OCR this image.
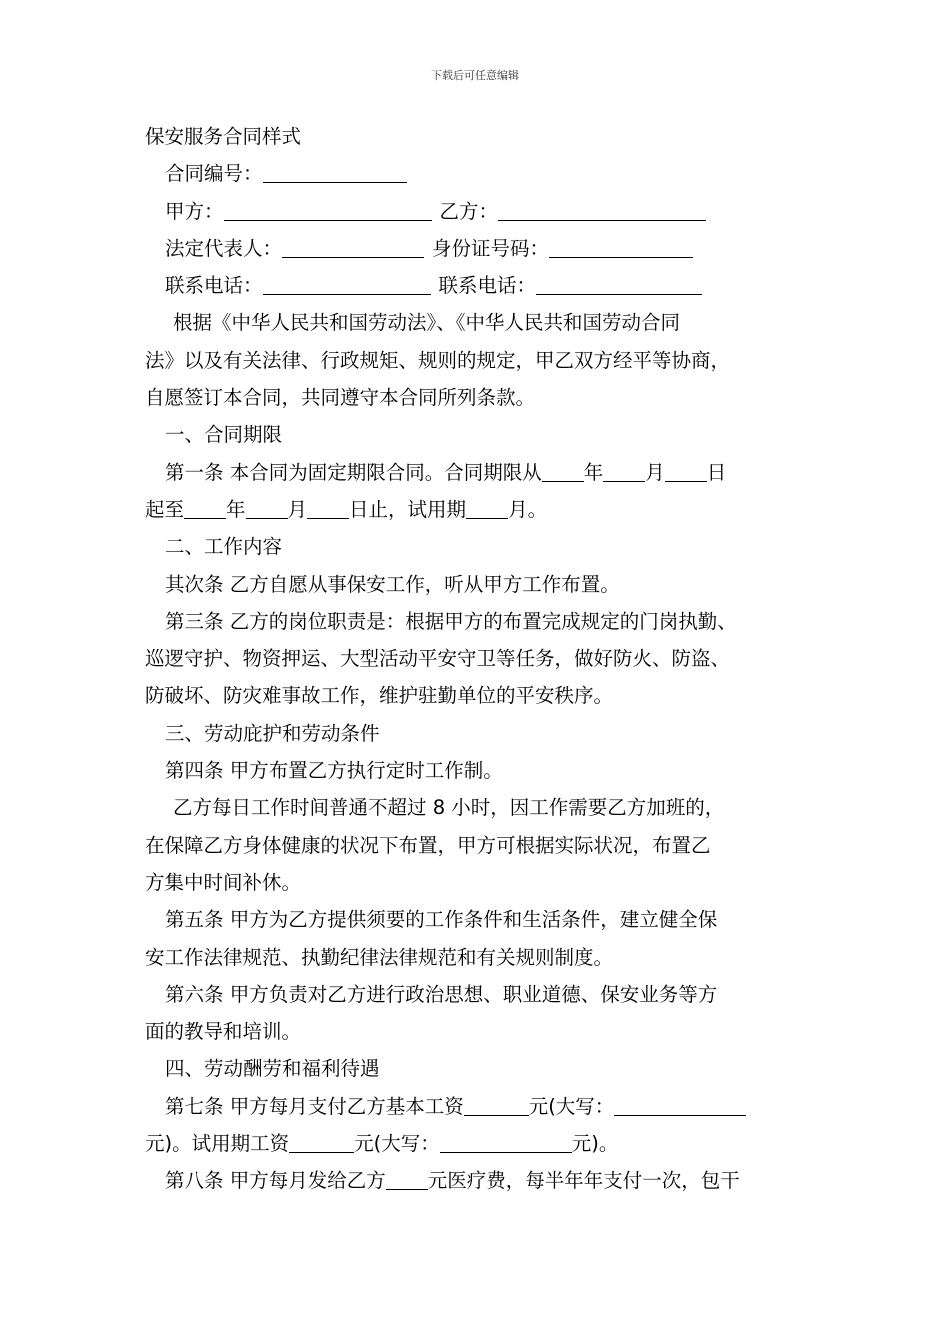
下载后可任意编辑
保安服务合同样式
合同编号：
甲方：	乙方：
法定代表人：	身份证号码：
联系电话：	联系电话：
根据《中华人民共和国劳动法》、《中华人民共和国劳动合同
法》以及有关法律、行政规矩、规则的规定，甲乙双方经平等协商，
自愿签订本合同，共同遵守本合同所列条款。
一、合同期限
第一条 本合同为固定期限合同。合同期限从 年 月 日
起至 年 月 日止，试用期 月。
二、工作内容
其次条 乙方自愿从事保安工作，听从甲方工作布置。
第三条 乙方的岗位职责是：根据甲方的布置完成规定的门岗执勤、
巡逻守护、物资押运、大型活动平安守卫等任务，做好防火、防盗、
防破坏、防灾难事故工作，维护驻勤单位的平安秩序。
三、劳动庇护和劳动条件
第四条 甲方布置乙方执行定时工作制。
乙方每日工作时间普通不超过 8 小时，因工作需要乙方加班的，
在保障乙方身体健康的状况下布置，甲方可根据实际状况，布置乙
方集中时间补休。
第五条 甲方为乙方提供须要的工作条件和生活条件，建立健全保
安工作法律规范、执勤纪律法律规范和有关规则制度。
第六条 甲方负责对乙方进行政治思想、职业道德、保安业务等方
面的教导和培训。
四、劳动酬劳和福利待遇
第七条 甲方每月支付乙方基本工资	元(大写：
元)。试用期工资	元(大写：	元)。
第八条 甲方每月发给乙方 元医疗费，每半年年支付一次，包干
